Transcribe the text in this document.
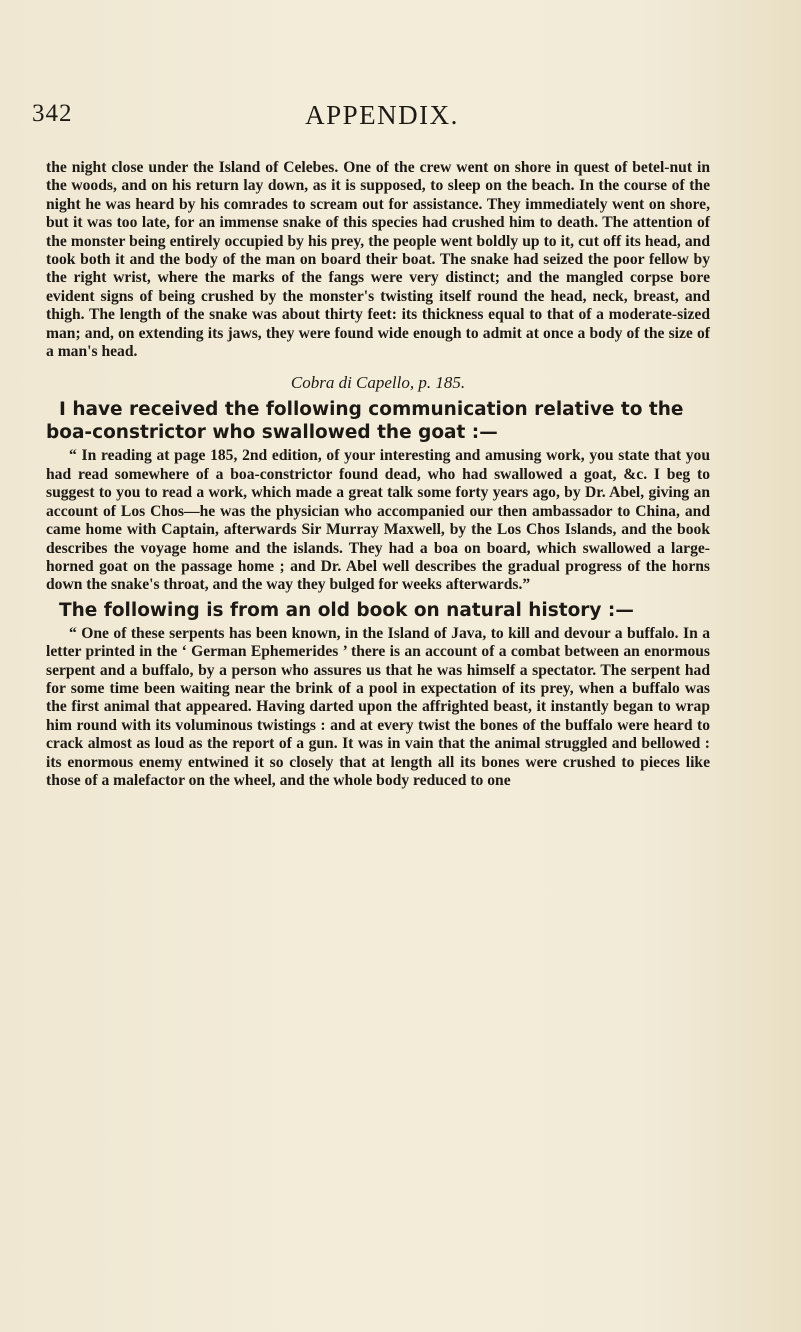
342	APPENDIX.

the night close under the Island of Celebes. One of the crew went on shore in quest of betel-nut in the woods, and on his return lay down, as it is supposed, to sleep on the beach. In the course of the night he was heard by his comrades to scream out for assistance. They immediately went on shore, but it was too late, for an immense snake of this species had crushed him to death. The attention of the monster being entirely occupied by his prey, the people went boldly up to it, cut off its head, and took both it and the body of the man on board their boat. The snake had seized the poor fellow by the right wrist, where the marks of the fangs were very distinct; and the mangled corpse bore evident signs of being crushed by the monster's twisting itself round the head, neck, breast, and thigh. The length of the snake was about thirty feet: its thickness equal to that of a moderate-sized man; and, on extending its jaws, they were found wide enough to admit at once a body of the size of a man's head.

Cobra di Capello, p. 185.

I have received the following communication relative to the boa-constrictor who swallowed the goat :—

“ In reading at page 185, 2nd edition, of your interesting and amusing work, you state that you had read somewhere of a boa-constrictor found dead, who had swallowed a goat, &c. I beg to suggest to you to read a work, which made a great talk some forty years ago, by Dr. Abel, giving an account of Los Chos—he was the physician who accompanied our then ambassador to China, and came home with Captain, afterwards Sir Murray Maxwell, by the Los Chos Islands, and the book describes the voyage home and the islands. They had a boa on board, which swallowed a large-horned goat on the passage home ; and Dr. Abel well describes the gradual progress of the horns down the snake's throat, and the way they bulged for weeks afterwards.”

The following is from an old book on natural history :—

“ One of these serpents has been known, in the Island of Java, to kill and devour a buffalo. In a letter printed in the ‘ German Ephemerides ’ there is an account of a combat between an enormous serpent and a buffalo, by a person who assures us that he was himself a spectator. The serpent had for some time been waiting near the brink of a pool in expectation of its prey, when a buffalo was the first animal that appeared. Having darted upon the affrighted beast, it instantly began to wrap him round with its voluminous twistings : and at every twist the bones of the buffalo were heard to crack almost as loud as the report of a gun. It was in vain that the animal struggled and bellowed : its enormous enemy entwined it so closely that at length all its bones were crushed to pieces like those of a malefactor on the wheel, and the whole body reduced to one
